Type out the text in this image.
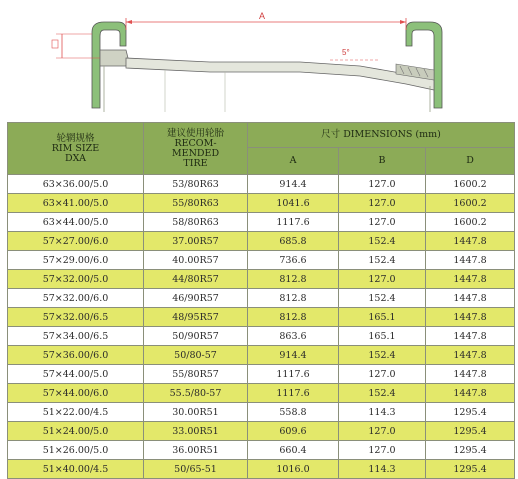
A
5°
轮辋规格
RIM SIZE
DXA	建议使用轮胎
RECOM-
MENDED
TIRE	尺寸 DIMENSIONS (mm)		
		A	B	D
63×36.00/5.0	53/80R63	914.4	127.0	1600.2
63×41.00/5.0	55/80R63	1041.6	127.0	1600.2
63×44.00/5.0	58/80R63	1117.6	127.0	1600.2
57×27.00/6.0	37.00R57	685.8	152.4	1447.8
57×29.00/6.0	40.00R57	736.6	152.4	1447.8
57×32.00/5.0	44/80R57	812.8	127.0	1447.8
57×32.00/6.0	46/90R57	812.8	152.4	1447.8
57×32.00/6.5	48/95R57	812.8	165.1	1447.8
57×34.00/6.5	50/90R57	863.6	165.1	1447.8
57×36.00/6.0	50/80-57	914.4	152.4	1447.8
57×44.00/5.0	55/80R57	1117.6	127.0	1447.8
57×44.00/6.0	55.5/80-57	1117.6	152.4	1447.8
51×22.00/4.5	30.00R51	558.8	114.3	1295.4
51×24.00/5.0	33.00R51	609.6	127.0	1295.4
51×26.00/5.0	36.00R51	660.4	127.0	1295.4
51×40.00/4.5	50/65-51	1016.0	114.3	1295.4
